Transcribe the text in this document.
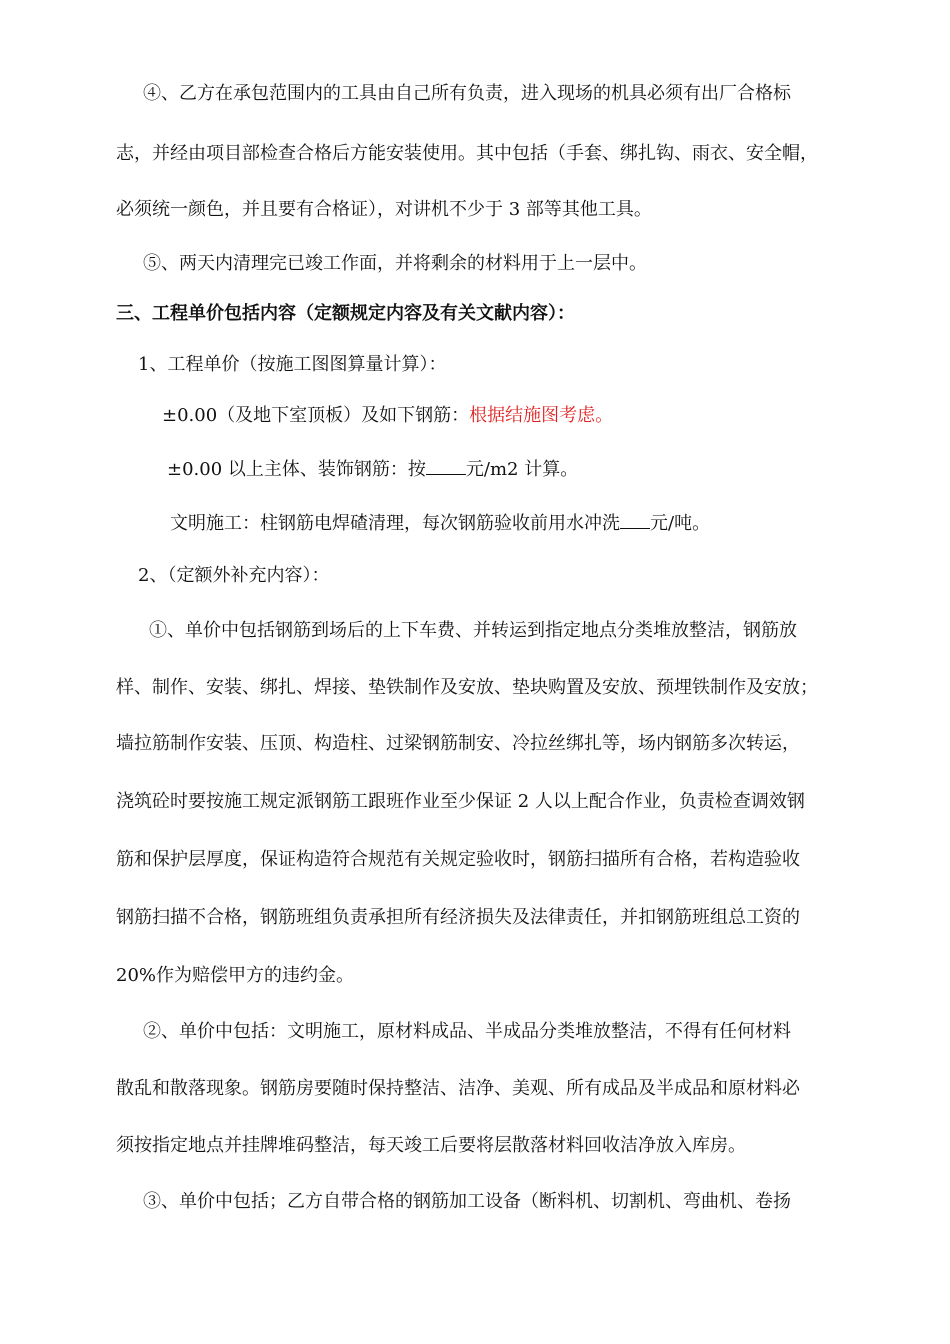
④、乙方在承包范围内的工具由自己所有负责，进入现场的机具必须有出厂合格标
志，并经由项目部检查合格后方能安装使用。其中包括（手套、绑扎钩、雨衣、安全帽，
必须统一颜色，并且要有合格证），对讲机不少于 3 部等其他工具。
⑤、两天内清理完已竣工作面，并将剩余的材料用于上一层中。
三、工程单价包括内容（定额规定内容及有关文献内容）：
1、工程单价（按施工图图算量计算）：
±0.00（及地下室顶板）及如下钢筋：根据结施图考虑。
±0.00 以上主体、装饰钢筋：按 元/m2 计算。
文明施工：柱钢筋电焊碴清理，每次钢筋验收前用水冲洗 元/吨。
2、（定额外补充内容）：
①、单价中包括钢筋到场后的上下车费、并转运到指定地点分类堆放整洁，钢筋放
样、制作、安装、绑扎、焊接、垫铁制作及安放、垫块购置及安放、预埋铁制作及安放；
墙拉筋制作安装、压顶、构造柱、过梁钢筋制安、冷拉丝绑扎等，场内钢筋多次转运，
浇筑砼时要按施工规定派钢筋工跟班作业至少保证 2 人以上配合作业，负责检查调效钢
筋和保护层厚度，保证构造符合规范有关规定验收时，钢筋扫描所有合格，若构造验收
钢筋扫描不合格，钢筋班组负责承担所有经济损失及法律责任，并扣钢筋班组总工资的
20%作为赔偿甲方的违约金。
②、单价中包括：文明施工，原材料成品、半成品分类堆放整洁，不得有任何材料
散乱和散落现象。钢筋房要随时保持整洁、洁净、美观、所有成品及半成品和原材料必
须按指定地点并挂牌堆码整洁，每天竣工后要将层散落材料回收洁净放入库房。
③、单价中包括；乙方自带合格的钢筋加工设备（断料机、切割机、弯曲机、卷扬
